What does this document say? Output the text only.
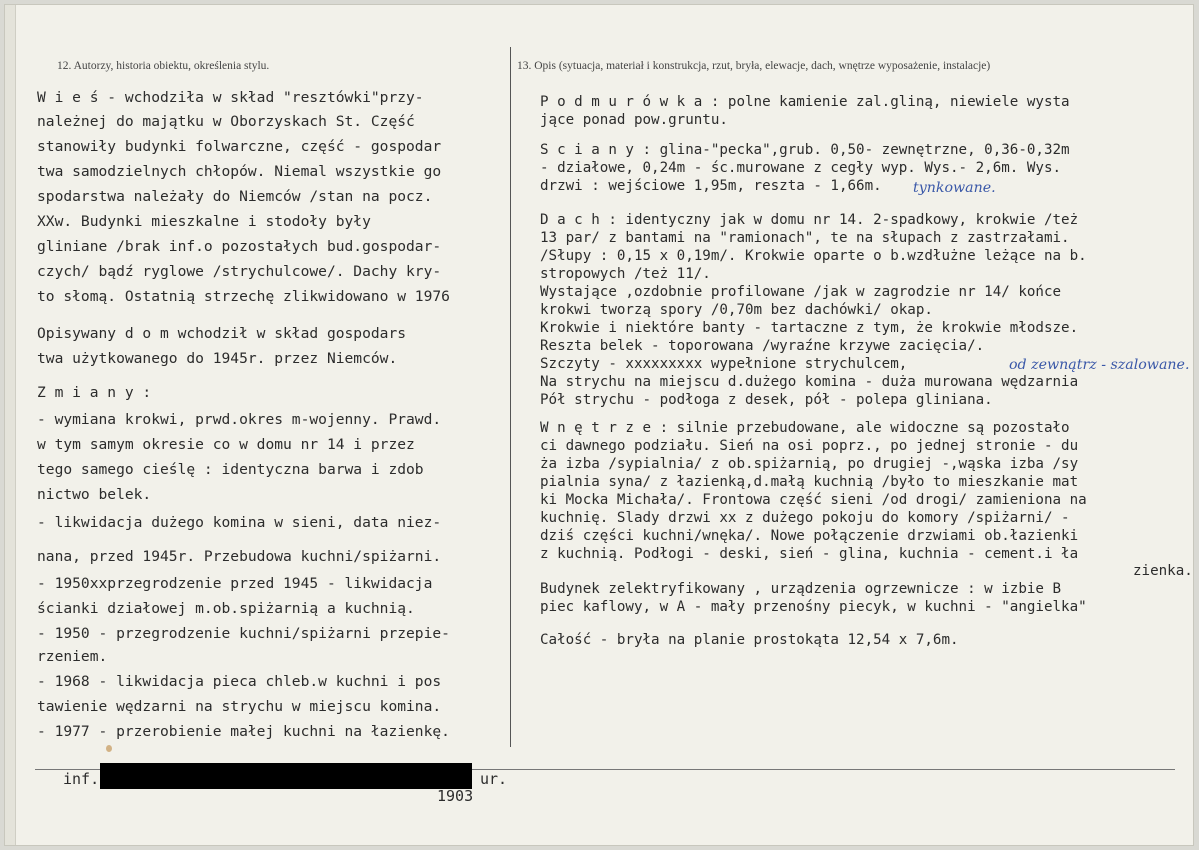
12. Autorzy, historia obiektu, określenia stylu.	13. Opis (sytuacja, materiał i konstrukcja, rzut, bryła, elewacje, dach, wnętrze wyposażenie, instalacje)
W i e ś - wchodziła w skład "resztówki"przy-
należnej do majątku w Oborzyskach St. Część
stanowiły budynki folwarczne, część - gospodar
twa samodzielnych chłopów. Niemal wszystkie go
spodarstwa należały do Niemców /stan na pocz.
XXw. Budynki mieszkalne i stodoły były
gliniane /brak inf.o pozostałych bud.gospodar-
czych/ bądź ryglowe /strychulcowe/. Dachy kry-
to słomą. Ostatnią strzechę zlikwidowano w 1976
Opisywany d o m wchodził w skład gospodars
twa użytkowanego do 1945r. przez Niemców.
Z m i a n y :
- wymiana krokwi, prwd.okres m-wojenny. Prawd.
w tym samym okresie co w domu nr 14 i przez
tego samego cieślę : identyczna barwa i zdob
nictwo belek.
- likwidacja dużego komina w sieni, data niez-
nana, przed 1945r. Przebudowa kuchni/spiżarni.
- 1950xxprzegrodzenie przed 1945 - likwidacja
ścianki działowej m.ob.spiżarnią a kuchnią.
- 1950 - przegrodzenie kuchni/spiżarni przepie-
rzeniem.
- 1968 - likwidacja pieca chleb.w kuchni i pos
tawienie wędzarni na strychu w miejscu komina.
- 1977 - przerobienie małej kuchni na łazienkę.
P o d m u r ó w k a : polne kamienie zal.gliną, niewiele wysta
jące ponad pow.gruntu.
S c i a n y : glina-"pecka",grub. 0,50- zewnętrzne, 0,36-0,32m
- działowe, 0,24m - śc.murowane z cegły wyp. Wys.- 2,6m. Wys.
drzwi : wejściowe 1,95m, reszta - 1,66m. tynkowane.
D a c h : identyczny jak w domu nr 14. 2-spadkowy, krokwie /też
13 par/ z bantami na "ramionach", te na słupach z zastrzałami.
/Słupy : 0,15 x 0,19m/. Krokwie oparte o b.wzdłużne leżące na b.
stropowych /też 11/.
Wystające ,ozdobnie profilowane /jak w zagrodzie nr 14/ końce
krokwi tworzą spory /0,70m bez dachówki/ okap.
Krokwie i niektóre banty - tartaczne z tym, że krokwie młodsze.
Reszta belek - toporowana /wyraźne krzywe zacięcia/.
Szczyty - xxxxxxxxx wypełnione strychulcem,	od zewnątrz - szalowane.
Na strychu na miejscu d.dużego komina - duża murowana wędzarnia
Pół strychu - podłoga z desek, pół - polepa gliniana.
W n ę t r z e : silnie przebudowane, ale widoczne są pozostało
ci dawnego podziału. Sień na osi poprz., po jednej stronie - du
ża izba /sypialnia/ z ob.spiżarnią, po drugiej -,wąska izba /sy
pialnia syna/ z łazienką,d.małą kuchnią /było to mieszkanie mat
ki Mocka Michała/. Frontowa część sieni /od drogi/ zamieniona na
kuchnię. Slady drzwi xx z dużego pokoju do komory /spiżarni/ -
dziś części kuchni/wnęka/. Nowe połączenie drzwiami ob.łazienki
z kuchnią. Podłogi - deski, sień - glina, kuchnia - cement.i ła
zienka.
Budynek zelektryfikowany , urządzenia ogrzewnicze : w izbie B
piec kaflowy, w A - mały przenośny piecyk, w kuchni - "angielka"
Całość - bryła na planie prostokąta 12,54 x 7,6m.
inf.	ur.
1903
